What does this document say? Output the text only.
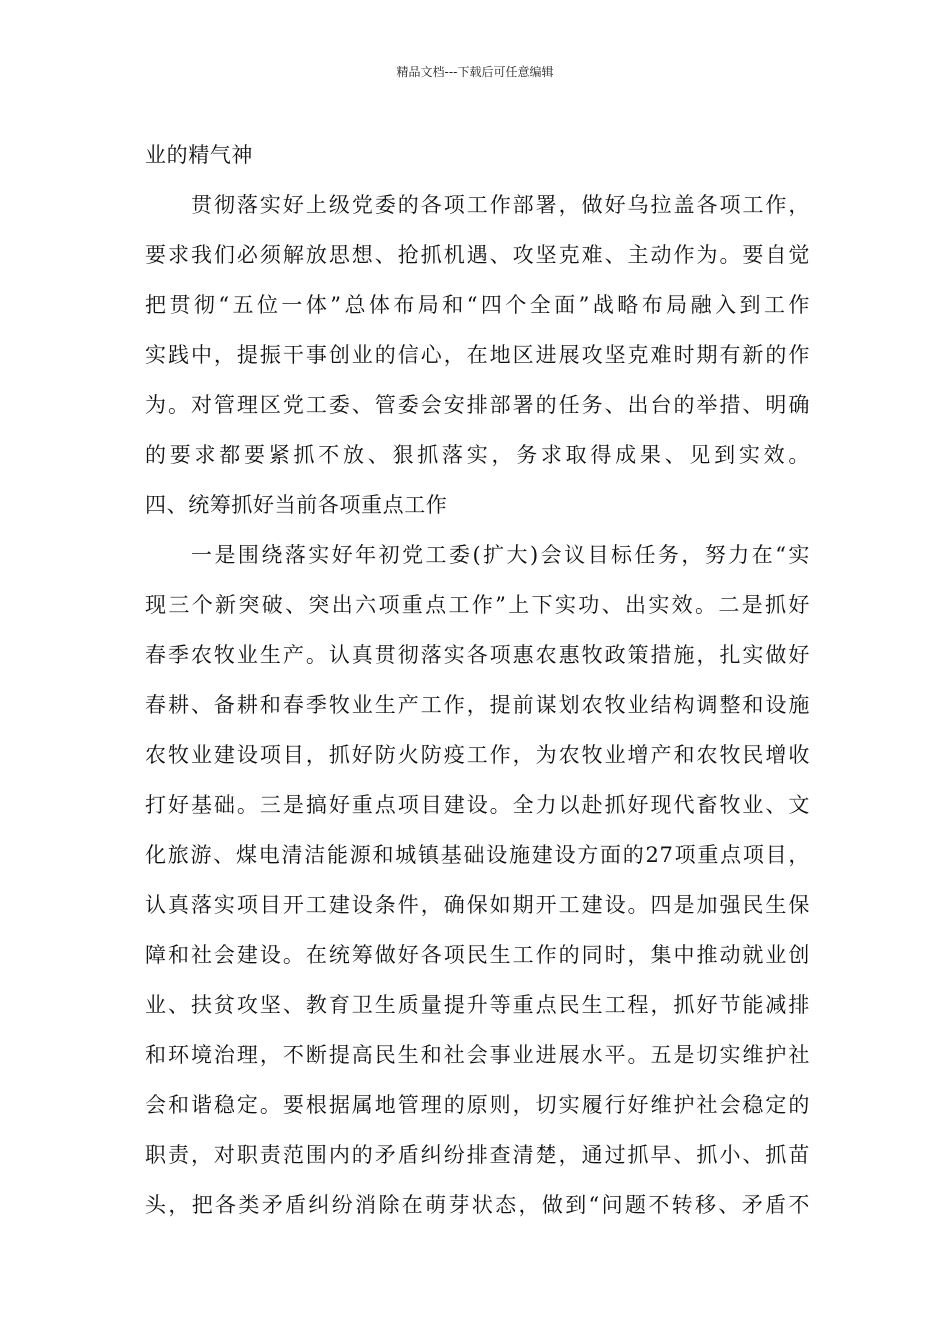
精品文档---下载后可任意编辑
业的精气神
贯彻落实好上级党委的各项工作部署，做好乌拉盖各项工作，
要求我们必须解放思想、抢抓机遇、攻坚克难、主动作为。要自觉
把贯彻“五位一体”总体布局和“四个全面”战略布局融入到工作
实践中，提振干事创业的信心，在地区进展攻坚克难时期有新的作
为。对管理区党工委、管委会安排部署的任务、出台的举措、明确
的要求都要紧抓不放、狠抓落实，务求取得成果、见到实效。
四、统筹抓好当前各项重点工作
一是围绕落实好年初党工委(扩大)会议目标任务，努力在“实
现三个新突破、突出六项重点工作”上下实功、出实效。二是抓好
春季农牧业生产。认真贯彻落实各项惠农惠牧政策措施，扎实做好
春耕、备耕和春季牧业生产工作，提前谋划农牧业结构调整和设施
农牧业建设项目，抓好防火防疫工作，为农牧业增产和农牧民增收
打好基础。三是搞好重点项目建设。全力以赴抓好现代畜牧业、文
化旅游、煤电清洁能源和城镇基础设施建设方面的27项重点项目，
认真落实项目开工建设条件，确保如期开工建设。四是加强民生保
障和社会建设。在统筹做好各项民生工作的同时，集中推动就业创
业、扶贫攻坚、教育卫生质量提升等重点民生工程，抓好节能减排
和环境治理，不断提高民生和社会事业进展水平。五是切实维护社
会和谐稳定。要根据属地管理的原则，切实履行好维护社会稳定的
职责，对职责范围内的矛盾纠纷排查清楚，通过抓早、抓小、抓苗
头，把各类矛盾纠纷消除在萌芽状态，做到“问题不转移、矛盾不
